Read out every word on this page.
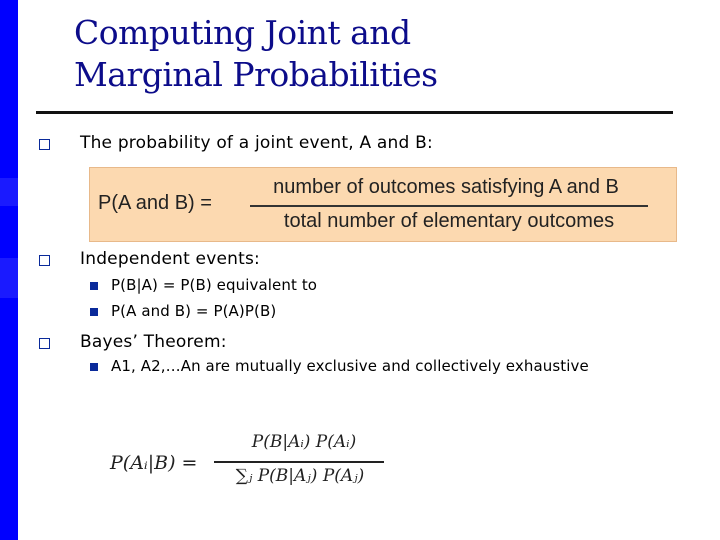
Computing Joint and
Marginal Probabilities
The probability of a joint event, A and B:
P(A and B) =
number of outcomes satisfying A and B
total number of elementary outcomes
Independent events:
P(B|A) = P(B) equivalent to
P(A and B) = P(A)P(B)
Bayes’ Theorem:
A1, A2,…An are mutually exclusive and collectively exhaustive
P(Aᵢ|B) =
P(B|Aᵢ) P(Aᵢ)
∑ⱼ P(B|Aⱼ) P(Aⱼ)
